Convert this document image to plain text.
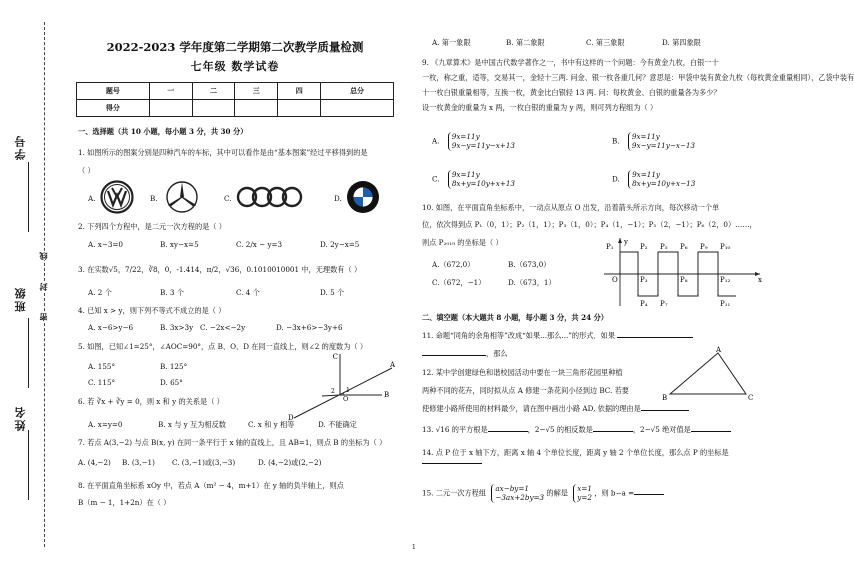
学号
班级
姓名
线
封
密
2022-2023 学年度第二学期第二次教学质量检测
七年级 数学试卷
题号	一	二	三	四	总分
得分					
一、选择题（共 10 小题，每小题 3 分，共 30 分）
1. 如图所示的图案分别是四种汽车的车标，其中可以看作是由“基本图案”经过平移得到的是
（ ）
A.	B.	C.	D.
2. 下列四个方程中，是二元一次方程的是（ ）
A. x−3=0	B. xy−x=5	C. 2/x − y=3	D. 2y−x=5
3. 在实数√5，7/22，∛8，0，-1.414，π/2，√36，0.1010010001 中，无理数有（ ）
A. 2 个	B. 3 个	C. 4 个	D. 5 个
4. 已知 x > y，则下列不等式不成立的是（ ）
A. x−6>y−6	B. 3x>3y C. −2x<−2y	D. −3x+6>−3y+6
5. 如图，已知∠1=25°，∠AOC=90°，点 B、O、D 在同一直线上，则∠2 的度数为（ ）
A. 155°	B. 125°
C. 115°	D. 65°
C
A
B
O
D
1
2
6. 若 ∛x + ∛y = 0，则 x 和 y 的关系是（ ）
A. x=y=0	B. x 与 y 互为相反数	C. x 和 y 相等	D. 不能确定
7. 若点 A(3,−2) 与点 B(x, y) 在同一条平行于 x 轴的直线上，且 AB=1，则点 B 的坐标为（ ）
A. (4,−2) B. (3,−1) C. (3,−1)或(3,−3)	D. (4,−2)或(2,−2)
8. 在平面直角坐标系 xOy 中，若点 A（m² − 4，m+1）在 y 轴的负半轴上，则点
B（m − 1，1+2n）在（ ）
A. 第一象限	B. 第二象限	C. 第三象限	D. 第四象限
9. 《九章算术》是中国古代数学著作之一，书中有这样的一个问题：今有黄金九枚，白银一十
一枚，称之重，适等，交易其一，金轻十三两. 问金、银一枚各重几何？意思是：甲袋中装有黄金九枚（每枚黄金重量相同），乙袋中装有
十一枚白银重量相等，互换一枚，黄金比白银轻 13 两. 问：每枚黄金、白银的重量各为多少？
设一枚黄金的重量为 x 两，一枚白银的重量为 y 两，则可列方程组为（ ）
A. 9x=11y
9x−y=11y−x+13
B. 9x=11y
9x−y=11y−x−13
C. 9x=11y
8x+y=10y+x+13
D. 9x=11y
8x+y=10y+x−13
10. 如图，在平面直角坐标系中，一动点从原点 O 出发，沿着箭头所示方向，每次移动一个单
位，依次得到点 P₁（0，1）；P₂（1，1）；P₃（1，0）；P₄（1，−1）；P₅（2，−1）；P₆（2，0）……，
则点 P₂₀₁₉ 的坐标是（ ）
A.（672,0）	B.（673,0）
C.（672，−1）	D.（673，1）
P₁	P₂ P₅ P₆ P₉ P₁₀
P₃
P₄ P₇
P₈
P₁₁
P₁₂
O
y
x
二、填空题（本大题共 8 小题，每小题 3 分，共 24 分）
11. 命题“同角的余角相等”改成“如果...那么...”的形式．如果
，那么
12. 某中学创建绿色和谐校园活动中要在一块三角形花园里种植
两种不同的花卉，同时拟从点 A 修建一条花间小径到边 BC. 若要
使修建小路所使用的材料最少，请在图中画出小路 AD, 依据的理由是
A
B	C
13. √16 的平方根是	，2−√5 的相反数是	，2−√5 绝对值是
14. 点 P 位于 x 轴下方，距离 x 轴 4 个单位长度，距离 y 轴 2 个单位长度，那么点 P 的坐标是

15. 二元一次方程组 ax−by=1
−3ax+2by=3
的解是 x=1
y=2
，则 b−a =
1
